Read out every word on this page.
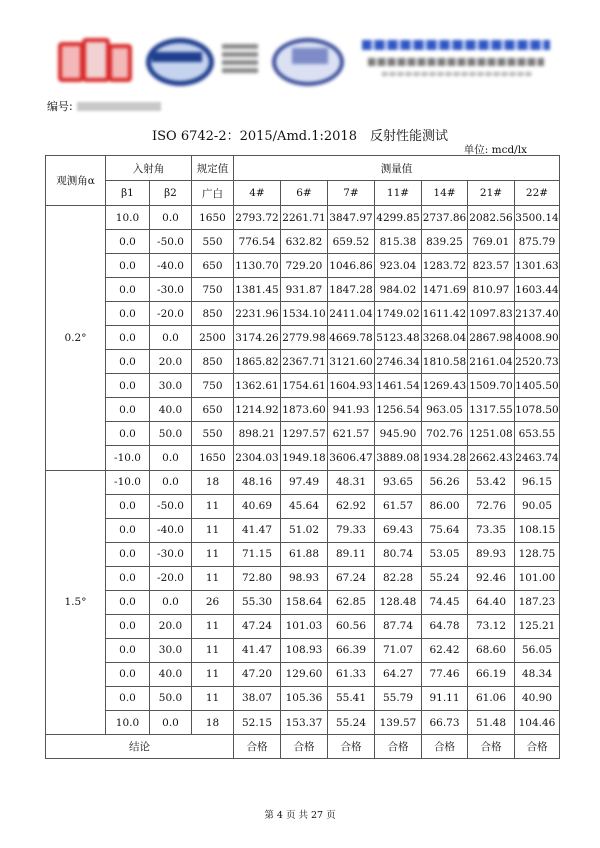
编号:
ISO 6742-2：2015/Amd.1:2018　反射性能测试
单位: mcd/lx
观测角α	入射角		规定值	测量值						
	β1	β2	广白	4#	6#	7#	11#	14#	21#	22#
0.2°	10.0	0.0	1650	2793.72	2261.71	3847.97	4299.85	2737.86	2082.56	3500.14
	0.0	-50.0	550	776.54	632.82	659.52	815.38	839.25	769.01	875.79
	0.0	-40.0	650	1130.70	729.20	1046.86	923.04	1283.72	823.57	1301.63
	0.0	-30.0	750	1381.45	931.87	1847.28	984.02	1471.69	810.97	1603.44
	0.0	-20.0	850	2231.96	1534.10	2411.04	1749.02	1611.42	1097.83	2137.40
	0.0	0.0	2500	3174.26	2779.98	4669.78	5123.48	3268.04	2867.98	4008.90
	0.0	20.0	850	1865.82	2367.71	3121.60	2746.34	1810.58	2161.04	2520.73
	0.0	30.0	750	1362.61	1754.61	1604.93	1461.54	1269.43	1509.70	1405.50
	0.0	40.0	650	1214.92	1873.60	941.93	1256.54	963.05	1317.55	1078.50
	0.0	50.0	550	898.21	1297.57	621.57	945.90	702.76	1251.08	653.55
	-10.0	0.0	1650	2304.03	1949.18	3606.47	3889.08	1934.28	2662.43	2463.74
1.5°	-10.0	0.0	18	48.16	97.49	48.31	93.65	56.26	53.42	96.15
	0.0	-50.0	11	40.69	45.64	62.92	61.57	86.00	72.76	90.05
	0.0	-40.0	11	41.47	51.02	79.33	69.43	75.64	73.35	108.15
	0.0	-30.0	11	71.15	61.88	89.11	80.74	53.05	89.93	128.75
	0.0	-20.0	11	72.80	98.93	67.24	82.28	55.24	92.46	101.00
	0.0	0.0	26	55.30	158.64	62.85	128.48	74.45	64.40	187.23
	0.0	20.0	11	47.24	101.03	60.56	87.74	64.78	73.12	125.21
	0.0	30.0	11	41.47	108.93	66.39	71.07	62.42	68.60	56.05
	0.0	40.0	11	47.20	129.60	61.33	64.27	77.46	66.19	48.34
	0.0	50.0	11	38.07	105.36	55.41	55.79	91.11	61.06	40.90
	10.0	0.0	18	52.15	153.37	55.24	139.57	66.73	51.48	104.46
结论				合格	合格	合格	合格	合格	合格	合格
第 4 页 共 27 页
